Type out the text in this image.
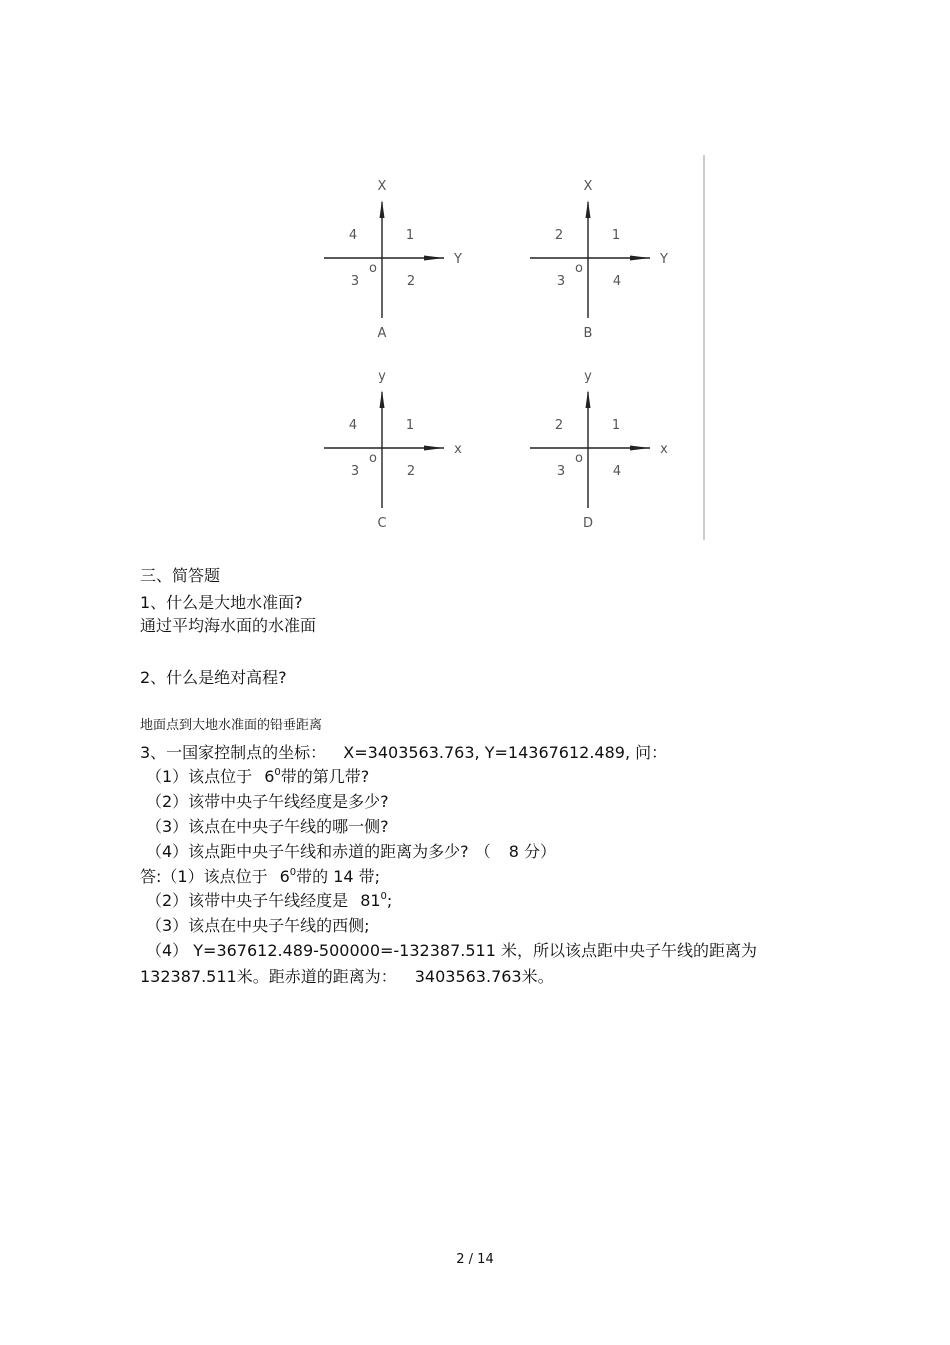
X
Y
4	1
3	2
o
A
X
Y
2	1
3	4
o
B
y
x
4	1
3	2
o
C
y
x
2	1
3	4
o
D
三、简答题
1、什么是大地水准面?
通过平均海水面的水准面
2、什么是绝对高程?
地面点到大地水准面的铅垂距离
3、一国家控制点的坐标： X=3403563.763, Y=14367612.489, 问：
（1）该点位于 $6^0$带的第几带?
（2）该带中央子午线经度是多少?
（3）该点在中央子午线的哪一侧?
（4）该点距中央子午线和赤道的距离为多少? （ 8 分）
答:（1）该点位于 $6^0$带的 14 带;
（2）该带中央子午线经度是 $81^0$;
（3）该点在中央子午线的西侧;
（4） Y=367612.489-500000=-132387.511 米，所以该点距中央子午线的距离为
132387.511米。距赤道的距离为： 3403563.763米。
2 / 14
